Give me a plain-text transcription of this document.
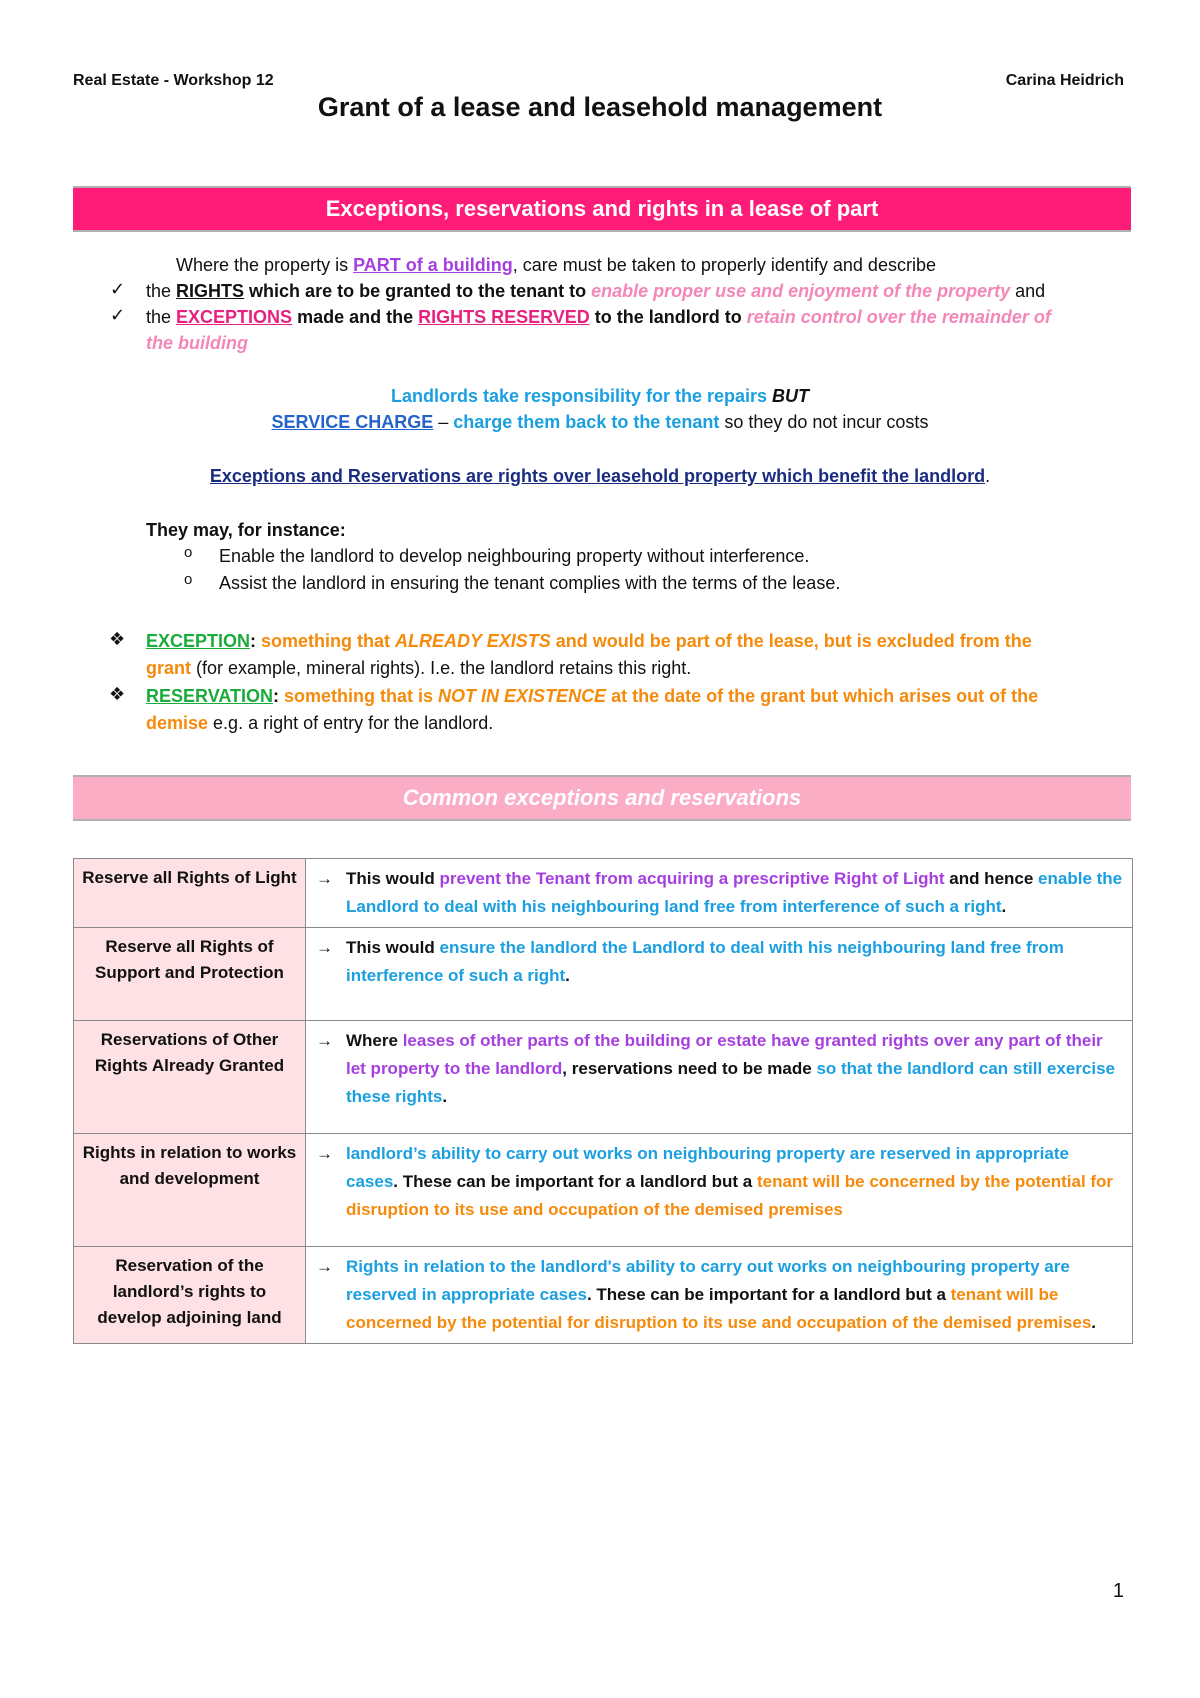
Real Estate - Workshop 12	Carina Heidrich
Grant of a lease and leasehold management
Exceptions, reservations and rights in a lease of part
Where the property is PART of a building, care must be taken to properly identify and describe
✓ the RIGHTS which are to be granted to the tenant to enable proper use and enjoyment of the property and
✓ the EXCEPTIONS made and the RIGHTS RESERVED to the landlord to retain control over the remainder of
the building
Landlords take responsibility for the repairs BUT
SERVICE CHARGE – charge them back to the tenant so they do not incur costs
Exceptions and Reservations are rights over leasehold property which benefit the landlord.
They may, for instance:
o Enable the landlord to develop neighbouring property without interference.
o Assist the landlord in ensuring the tenant complies with the terms of the lease.
❖ EXCEPTION: something that ALREADY EXISTS and would be part of the lease, but is excluded from the
grant (for example, mineral rights). I.e. the landlord retains this right.
❖ RESERVATION: something that is NOT IN EXISTENCE at the date of the grant but which arises out of the
demise e.g. a right of entry for the landlord.
Common exceptions and reservations
Reserve all Rights of Light	→ This would prevent the Tenant from acquiring a prescriptive Right of Light and hence enable the Landlord to deal with his neighbouring land free from interference of such a right.

Reserve all Rights of Support and Protection	→ This would ensure the landlord the Landlord to deal with his neighbouring land free from interference of such a right.

Reservations of Other Rights Already Granted	→ Where leases of other parts of the building or estate have granted rights over any part of their let property to the landlord, reservations need to be made so that the landlord can still exercise these rights.

Rights in relation to works and development	→ landlord’s ability to carry out works on neighbouring property are reserved in appropriate cases. These can be important for a landlord but a tenant will be concerned by the potential for disruption to its use and occupation of the demised premises

Reservation of the landlord’s rights to develop adjoining land	→ Rights in relation to the landlord's ability to carry out works on neighbouring property are reserved in appropriate cases. These can be important for a landlord but a tenant will be concerned by the potential for disruption to its use and occupation of the demised premises.
1
